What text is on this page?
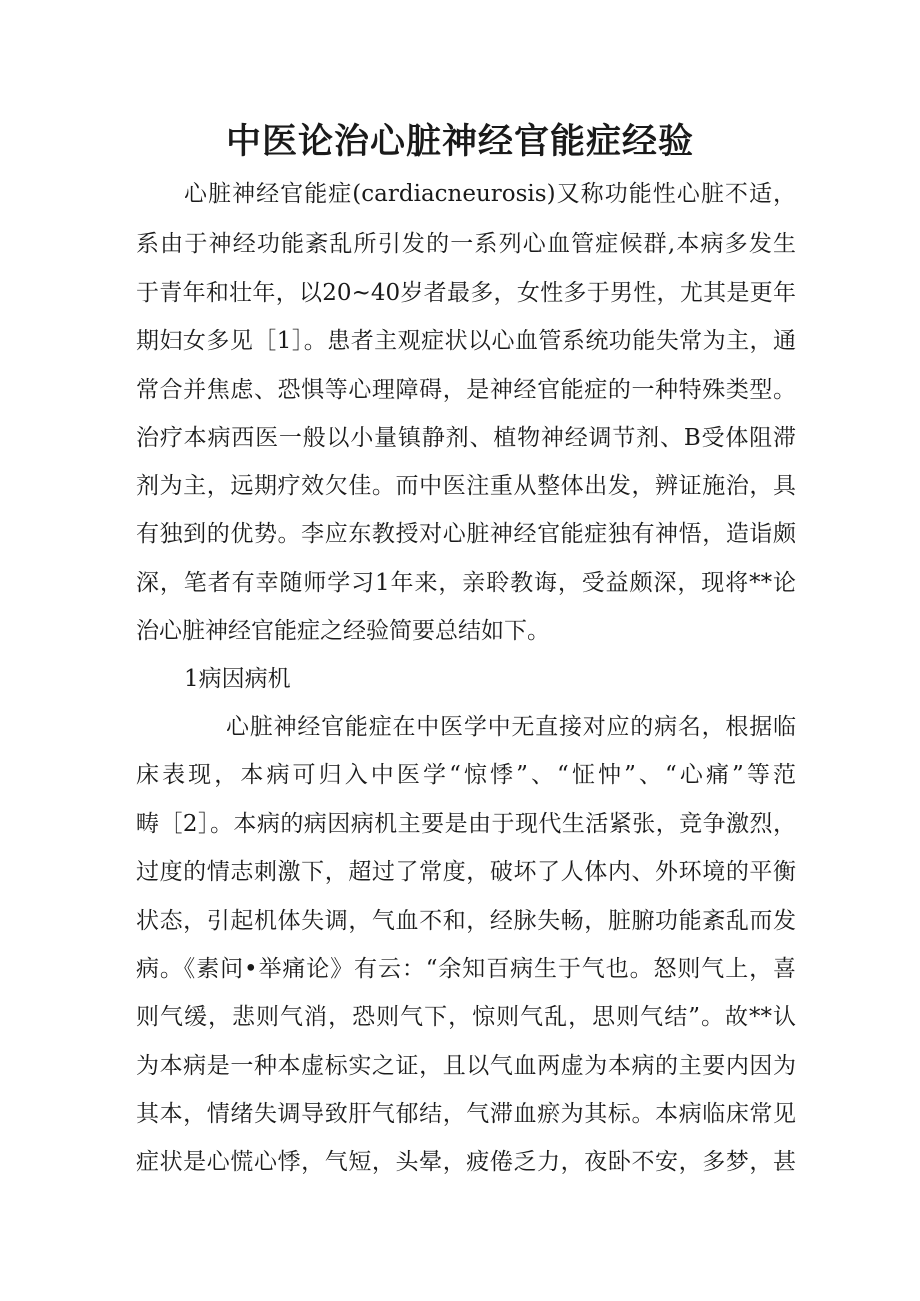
中医论治心脏神经官能症经验
心脏神经官能症(cardiacneurosis)又称功能性心脏不适，
系由于神经功能紊乱所引发的一系列心血管症候群,本病多发生
于青年和壮年，以20~40岁者最多，女性多于男性，尤其是更年
期妇女多见［1］。患者主观症状以心血管系统功能失常为主，通
常合并焦虑、恐惧等心理障碍，是神经官能症的一种特殊类型。
治疗本病西医一般以小量镇静剂、植物神经调节剂、B受体阻滞
剂为主，远期疗效欠佳。而中医注重从整体出发，辨证施治，具
有独到的优势。李应东教授对心脏神经官能症独有神悟，造诣颇
深，笔者有幸随师学习1年来，亲聆教诲，受益颇深，现将**论
治心脏神经官能症之经验简要总结如下。
1病因病机
心脏神经官能症在中医学中无直接对应的病名，根据临
床表现，本病可归入中医学“惊悸”、“怔忡”、“心痛”等范
畴［2］。本病的病因病机主要是由于现代生活紧张，竞争激烈，
过度的情志刺激下，超过了常度，破坏了人体内、外环境的平衡
状态，引起机体失调，气血不和，经脉失畅，脏腑功能紊乱而发
病。《素问•举痛论》有云：“余知百病生于气也。怒则气上，喜
则气缓，悲则气消，恐则气下，惊则气乱，思则气结”。故**认
为本病是一种本虚标实之证，且以气血两虚为本病的主要内因为
其本，情绪失调导致肝气郁结，气滞血瘀为其标。本病临床常见
症状是心慌心悸，气短，头晕，疲倦乏力，夜卧不安，多梦，甚
